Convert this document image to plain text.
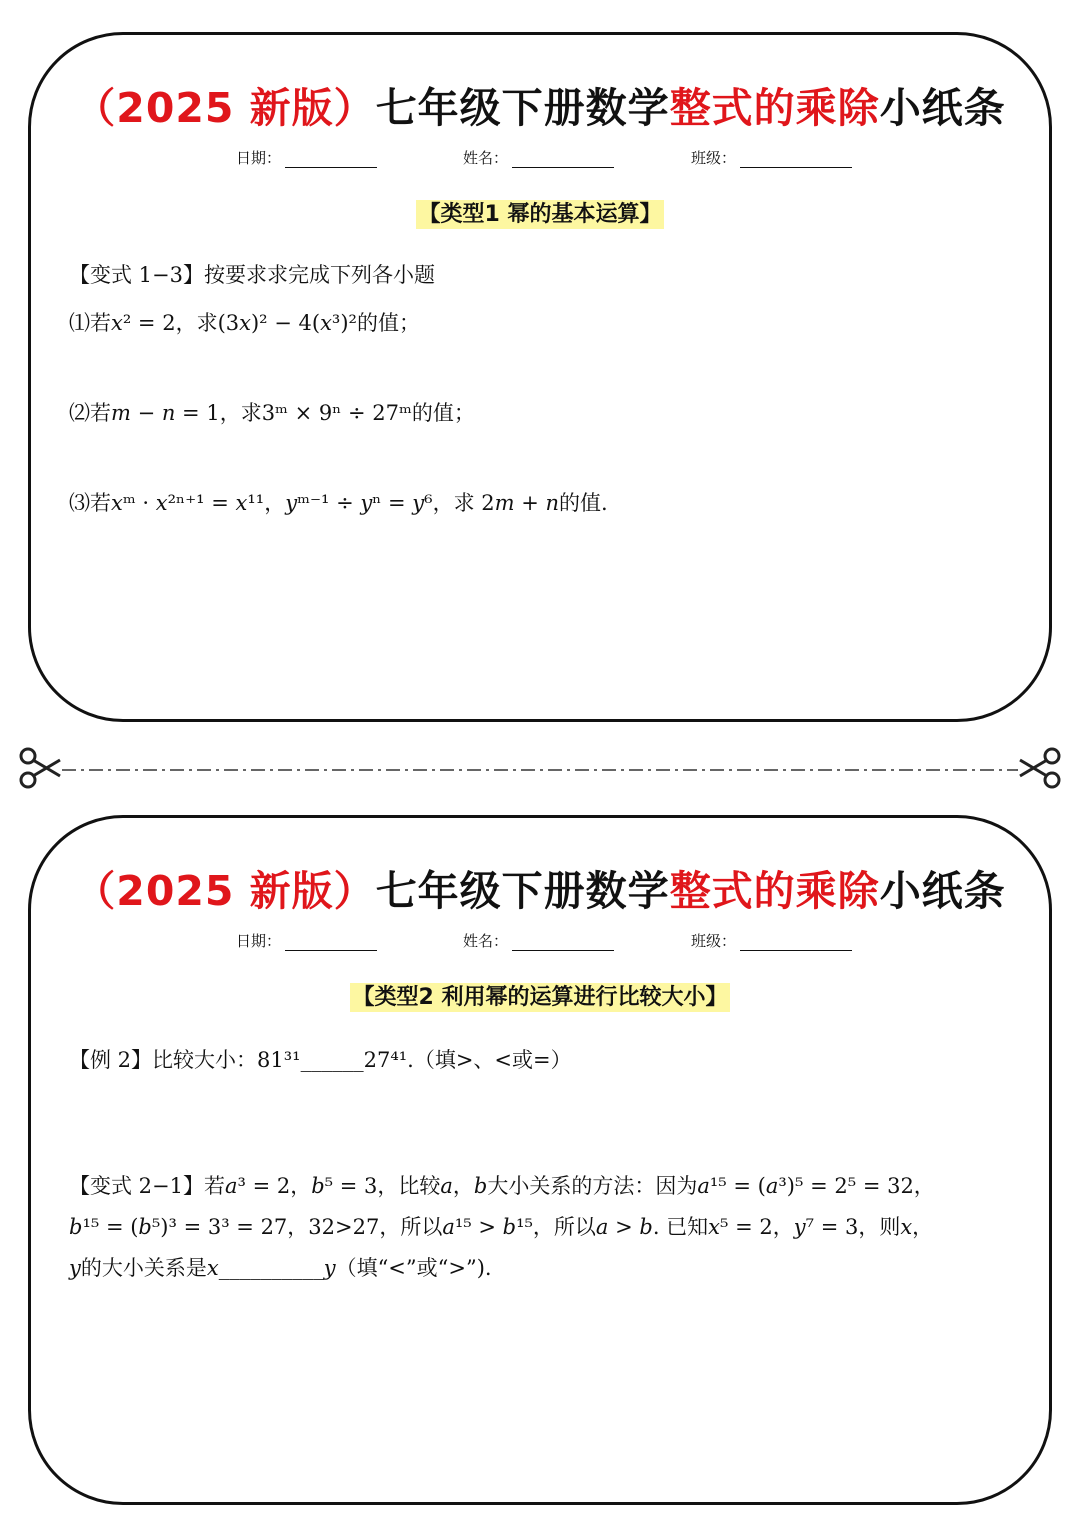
（2025 新版）七年级下册数学整式的乘除小纸条
日期：	姓名：	班级：
【类型1 幂的基本运算】
【变式 1−3】按要求求完成下列各小题
⑴若𝑥² = 2，求(3𝑥)² − 4(𝑥³)²的值；
⑵若𝑚 − 𝑛 = 1，求3ᵐ × 9ⁿ ÷ 27ᵐ的值；
⑶若𝑥ᵐ · 𝑥²ⁿ⁺¹ = 𝑥¹¹，𝑦ᵐ⁻¹ ÷ 𝑦ⁿ = 𝑦⁶，求 2𝑚 + 𝑛的值.
（2025 新版）七年级下册数学整式的乘除小纸条
日期：	姓名：	班级：
【类型2 利用幂的运算进行比较大小】
【例 2】比较大小：81³¹______27⁴¹.（填>、<或=）
【变式 2−1】若𝑎³ = 2，𝑏⁵ = 3，比较𝑎，𝑏大小关系的方法：因为𝑎¹⁵ = (𝑎³)⁵ = 2⁵ = 32，
𝑏¹⁵ = (𝑏⁵)³ = 3³ = 27，32>27，所以𝑎¹⁵ > 𝑏¹⁵，所以𝑎 > 𝑏. 已知𝑥⁵ = 2，𝑦⁷ = 3，则𝑥，
𝑦的大小关系是𝑥__________𝑦（填“<”或“>”).
